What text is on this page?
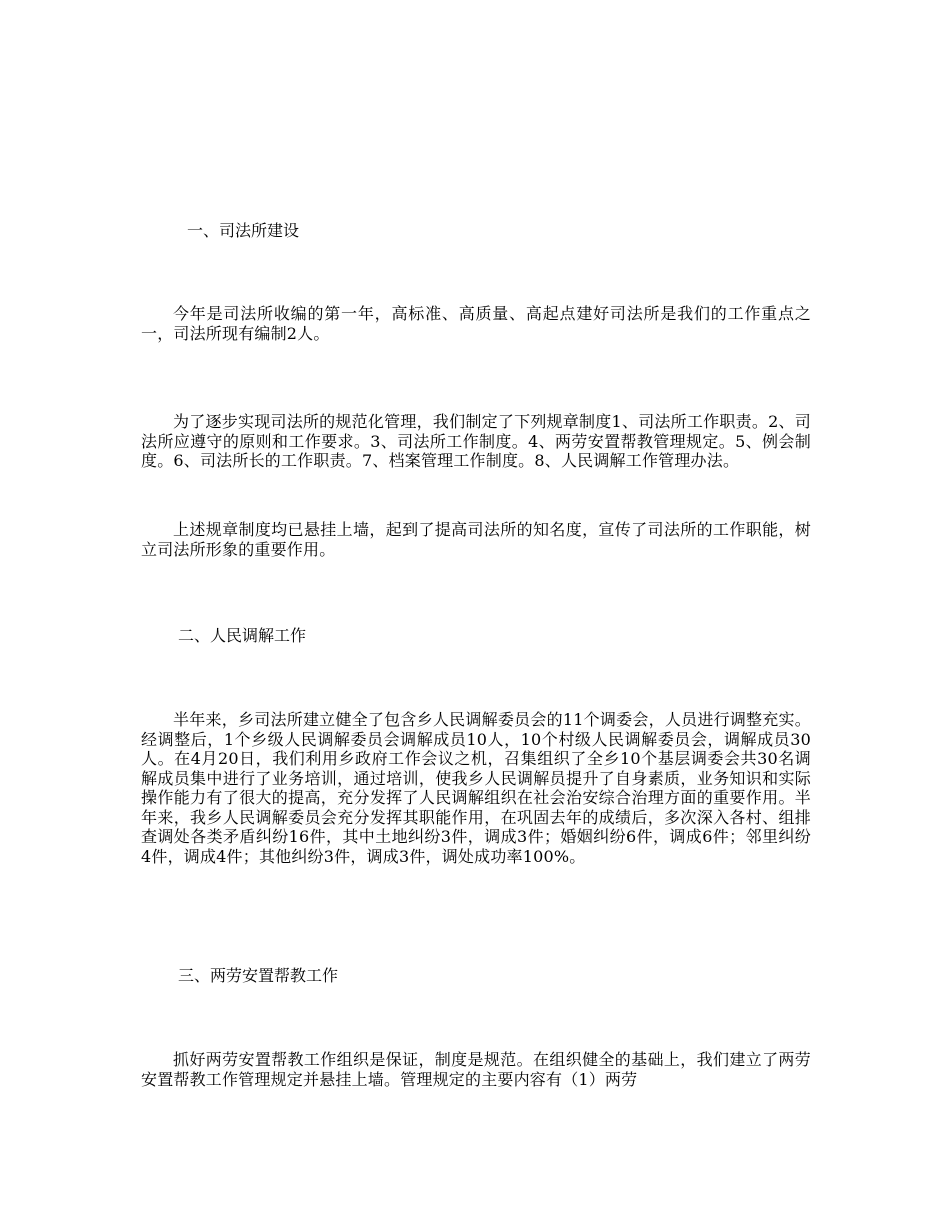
一、司法所建设
今年是司法所收编的第一年，高标准、高质量、高起点建好司法所是我们的工作重点之一，司法所现有编制2人。
为了逐步实现司法所的规范化管理，我们制定了下列规章制度1、司法所工作职责。2、司法所应遵守的原则和工作要求。3、司法所工作制度。4、两劳安置帮教管理规定。5、例会制度。6、司法所长的工作职责。7、档案管理工作制度。8、人民调解工作管理办法。
上述规章制度均已悬挂上墙，起到了提高司法所的知名度，宣传了司法所的工作职能，树立司法所形象的重要作用。
二、人民调解工作
半年来，乡司法所建立健全了包含乡人民调解委员会的11个调委会，人员进行调整充实。经调整后，1个乡级人民调解委员会调解成员10人，10个村级人民调解委员会，调解成员30人。在4月20日，我们利用乡政府工作会议之机，召集组织了全乡10个基层调委会共30名调解成员集中进行了业务培训，通过培训，使我乡人民调解员提升了自身素质，业务知识和实际操作能力有了很大的提高，充分发挥了人民调解组织在社会治安综合治理方面的重要作用。半年来，我乡人民调解委员会充分发挥其职能作用，在巩固去年的成绩后，多次深入各村、组排查调处各类矛盾纠纷16件，其中土地纠纷3件，调成3件；婚姻纠纷6件，调成6件；邻里纠纷4件，调成4件；其他纠纷3件，调成3件，调处成功率100%。
三、两劳安置帮教工作
抓好两劳安置帮教工作组织是保证，制度是规范。在组织健全的基础上，我们建立了两劳安置帮教工作管理规定并悬挂上墙。管理规定的主要内容有（1）两劳
